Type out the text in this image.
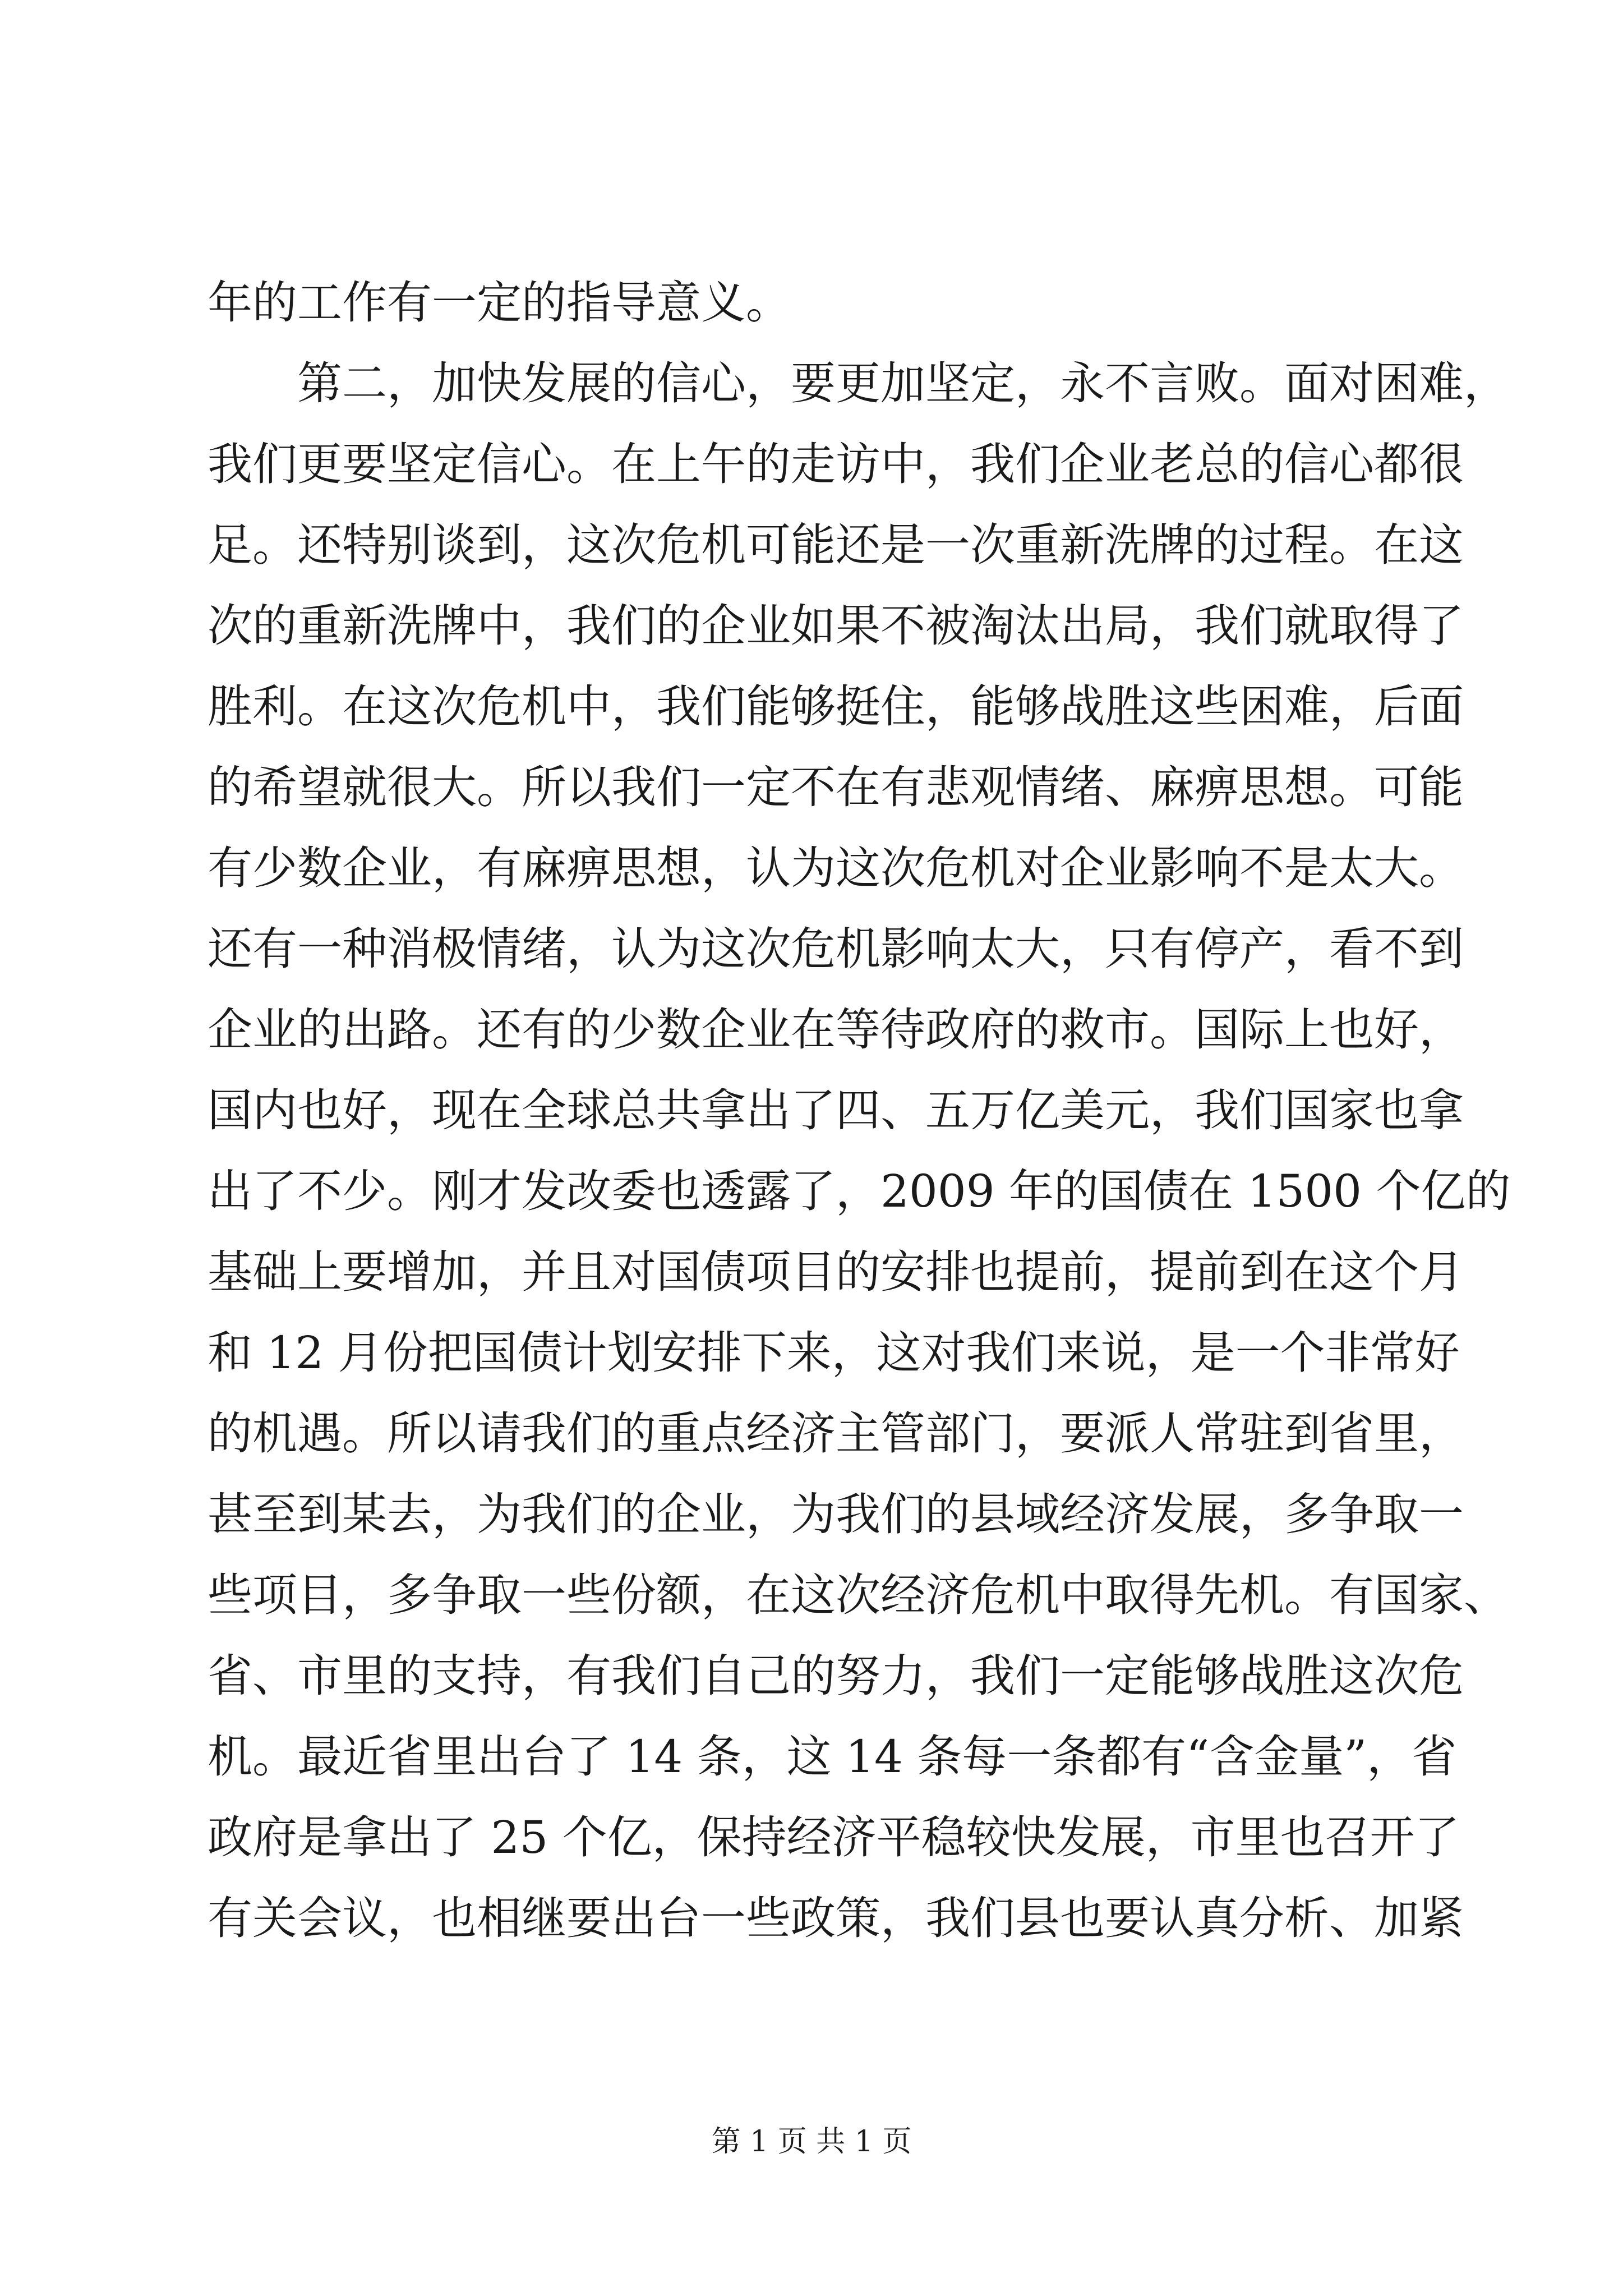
年的工作有一定的指导意义。
　　第二，加快发展的信心，要更加坚定，永不言败。面对困难，
我们更要坚定信心。在上午的走访中，我们企业老总的信心都很
足。还特别谈到，这次危机可能还是一次重新洗牌的过程。在这
次的重新洗牌中，我们的企业如果不被淘汰出局，我们就取得了
胜利。在这次危机中，我们能够挺住，能够战胜这些困难，后面
的希望就很大。所以我们一定不在有悲观情绪、麻痹思想。可能
有少数企业，有麻痹思想，认为这次危机对企业影响不是太大。
还有一种消极情绪，认为这次危机影响太大，只有停产，看不到
企业的出路。还有的少数企业在等待政府的救市。国际上也好，
国内也好，现在全球总共拿出了四、五万亿美元，我们国家也拿
出了不少。刚才发改委也透露了，2009 年的国债在 1500 个亿的
基础上要增加，并且对国债项目的安排也提前，提前到在这个月
和 12 月份把国债计划安排下来，这对我们来说，是一个非常好
的机遇。所以请我们的重点经济主管部门，要派人常驻到省里，
甚至到某去，为我们的企业，为我们的县域经济发展，多争取一
些项目，多争取一些份额，在这次经济危机中取得先机。有国家、
省、市里的支持，有我们自己的努力，我们一定能够战胜这次危
机。最近省里出台了 14 条，这 14 条每一条都有“含金量”，省
政府是拿出了 25 个亿，保持经济平稳较快发展，市里也召开了
有关会议，也相继要出台一些政策，我们县也要认真分析、加紧
第 1 页 共 1 页
